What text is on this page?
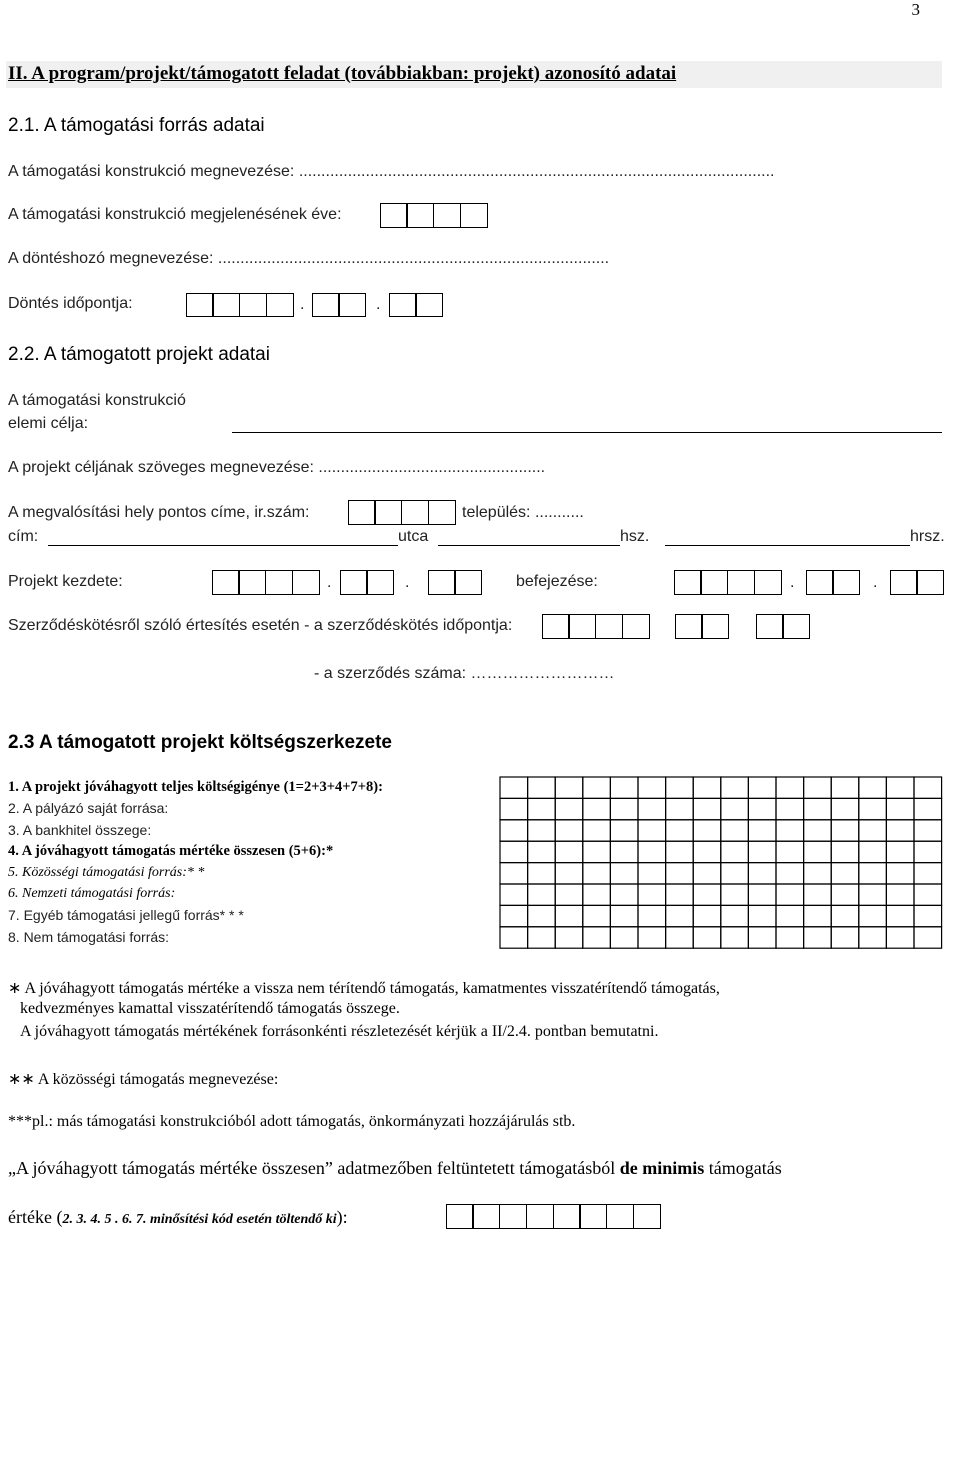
3
II. A program/projekt/támogatott feladat (továbbiakban: projekt) azonosító adatai
2.1. A támogatási forrás adatai
A támogatási konstrukció megnevezése: ...........................................................................................................
A támogatási konstrukció megjelenésének éve:
A döntéshozó megnevezése: ........................................................................................
Döntés időpontja:	.	.
2.2. A támogatott projekt adatai
A támogatási konstrukció
elemi célja:
A projekt céljának szöveges megnevezése: ...................................................
A megvalósítási hely pontos címe, ir.szám:	település: ...........
cím:	utca	hsz.	hrsz.
Projekt kezdete:	.	.	befejezése:	.	.
Szerződéskötésről szóló értesítés esetén - a szerződéskötés időpontja:
- a szerződés száma: ………………………
2.3 A támogatott projekt költségszerkezete
1. A projekt jóváhagyott teljes költségigénye (1=2+3+4+7+8):
2. A pályázó saját forrása:
3. A bankhitel összege:
4. A jóváhagyott támogatás mértéke összesen (5+6):*
5. Közösségi támogatási forrás:* *
6. Nemzeti támogatási forrás:
7. Egyéb támogatási jellegű forrás* * *
8. Nem támogatási forrás:
∗ A jóváhagyott támogatás mértéke a vissza nem térítendő támogatás, kamatmentes visszatérítendő támogatás,
kedvezményes kamattal visszatérítendő támogatás összege.
A jóváhagyott támogatás mértékének forrásonkénti részletezését kérjük a II/2.4. pontban bemutatni.
∗∗ A közösségi támogatás megnevezése:
***pl.: más támogatási konstrukcióból adott támogatás, önkormányzati hozzájárulás stb.
„A jóváhagyott támogatás mértéke összesen” adatmezőben feltüntetett támogatásból de minimis támogatás
értéke (2. 3. 4. 5 . 6. 7. minősítési kód esetén töltendő ki):
